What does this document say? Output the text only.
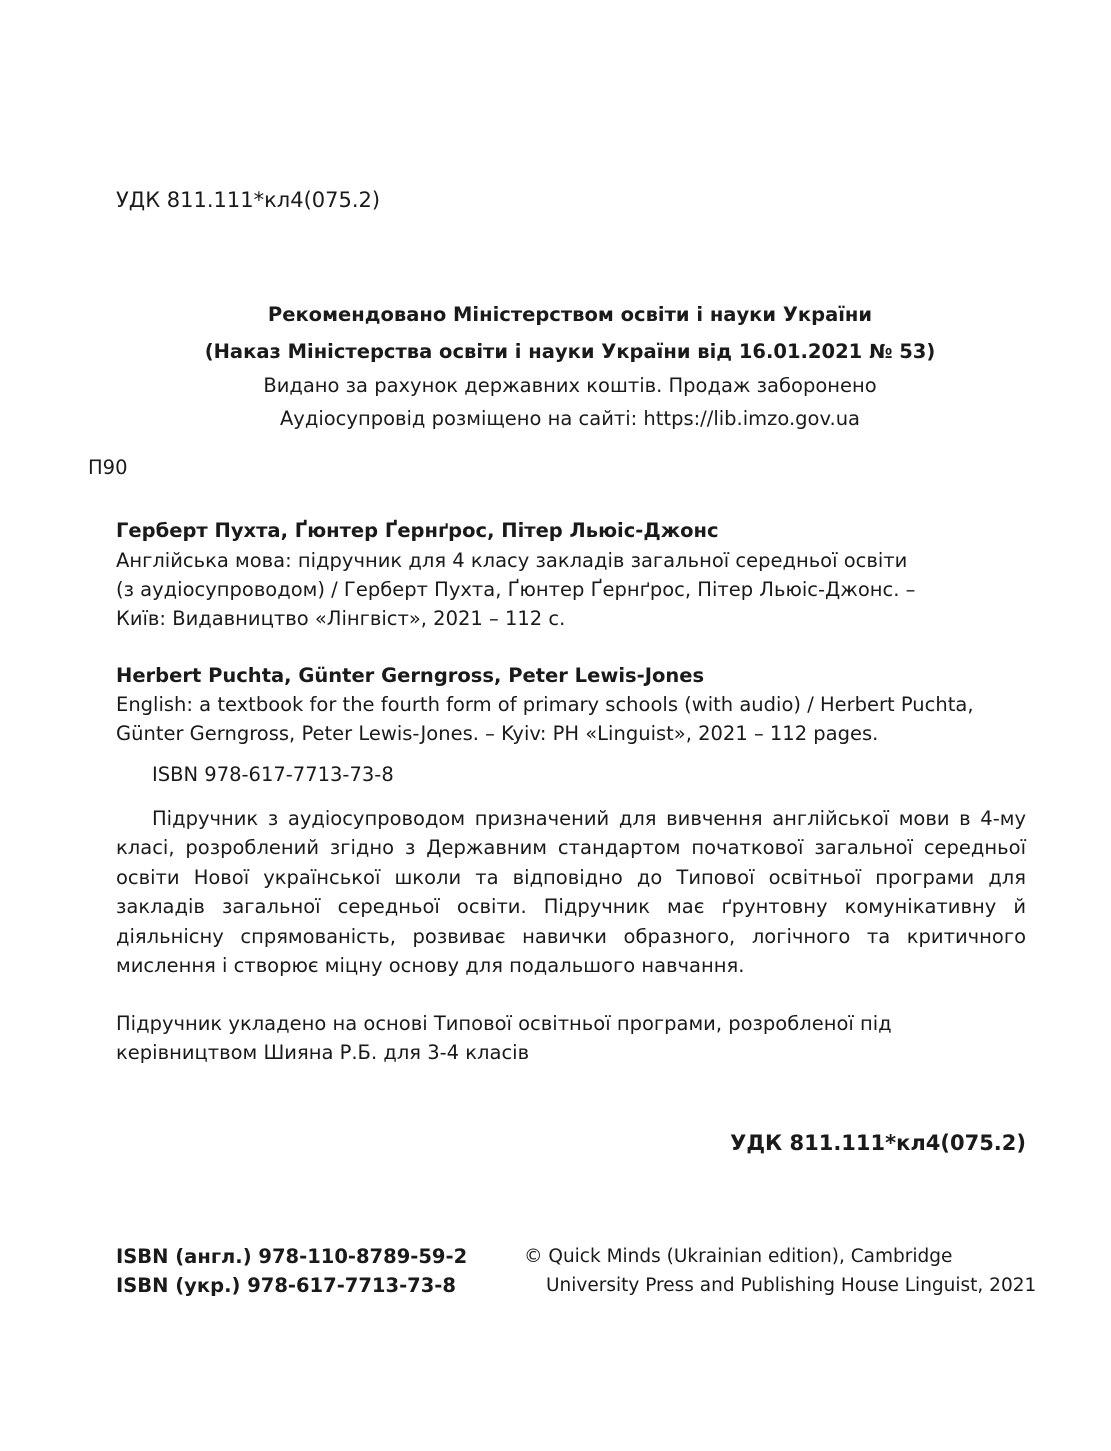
УДК 811.111*кл4(075.2)
Рекомендовано Міністерством освіти і науки України
(Наказ Міністерства освіти і науки України від 16.01.2021 № 53)
Видано за рахунок державних коштів. Продаж заборонено
Аудіосупровід розміщено на сайті: https://lib.imzo.gov.ua
П90
Герберт Пухта, Ґюнтер Ґернґрос, Пітер Льюіс-Джонс
Англійська мова: підручник для 4 класу закладів загальної середньої освіти
(з аудіосупроводом) / Герберт Пухта, Ґюнтер Ґернґрос, Пітер Льюіс-Джонс. –
Київ: Видавництво «Лінгвіст», 2021 – 112 с.
Herbert Puchta, Günter Gerngross, Peter Lewis-Jones
English: a textbook for the fourth form of primary schools (with audio) / Herbert Puchta,
Günter Gerngross, Peter Lewis-Jones. – Kyiv: PH «Linguist», 2021 – 112 pages.
ISBN 978-617-7713-73-8
Підручник з аудіосупроводом призначений для вивчення англійської мови в 4-му класі, розроблений згідно з Державним стандартом початкової загальної середньої освіти Нової української школи та відповідно до Типової освітньої програми для закладів загальної середньої освіти. Підручник має ґрунтовну комунікативну й діяльнісну спрямованість, розвиває навички образного, логічного та критичного мислення і створює міцну основу для подальшого навчання.
Підручник укладено на основі Типової освітньої програми, розробленої під
керівництвом Шияна Р.Б. для 3-4 класів
УДК 811.111*кл4(075.2)
ISBN (англ.) 978-110-8789-59-2
ISBN (укр.) 978-617-7713-73-8
© Quick Minds (Ukrainian edition), Cambridge
University Press and Publishing House Linguist, 2021
